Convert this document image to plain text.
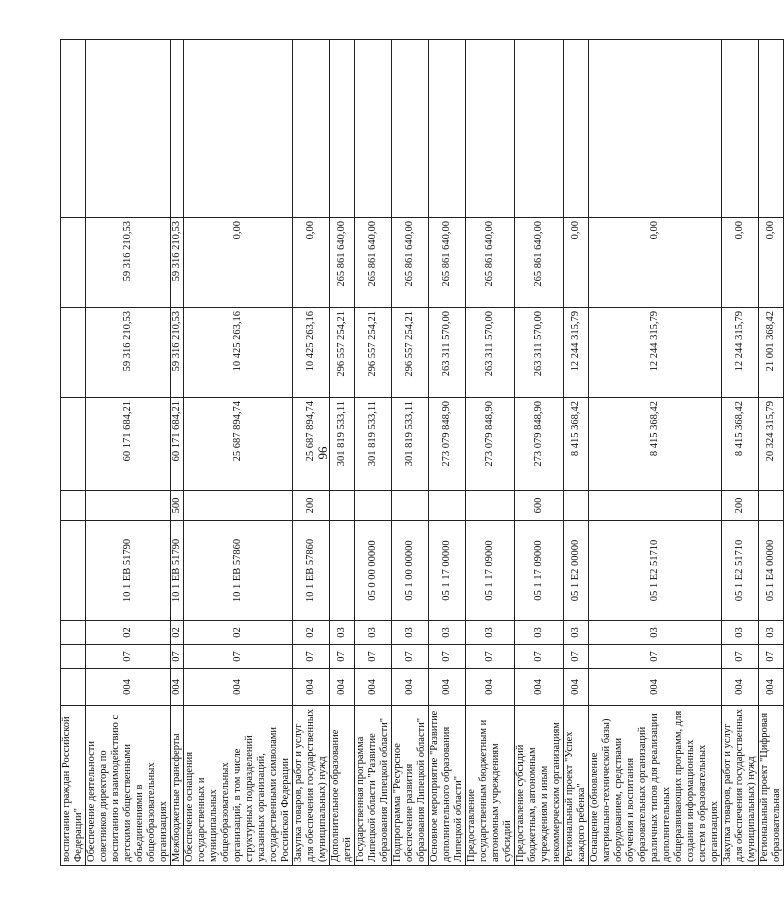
96
воспитание граждан Российской Федерации"									
Обеспечение деятельности советников директора по воспитанию и взаимодействию с детскими общественными объединениями в общеобразовательных организациях	004	07	02	10 1 ЕВ 51790		60 171 684,21	59 316 210,53	59 316 210,53	
Межбюджетные трансферты	004	07	02	10 1 ЕВ 51790	500	60 171 684,21	59 316 210,53	59 316 210,53	
Обеспечение оснащения государственных и муниципальных общеобразовательных организаций, в том числе структурных подразделений указанных организаций, государственными символами Российской Федерации	004	07	02	10 1 ЕВ 57860		25 687 894,74	10 425 263,16	0,00	
Закупка товаров, работ и услуг для обеспечения государственных (муниципальных) нужд	004	07	02	10 1 ЕВ 57860	200	25 687 894,74	10 425 263,16	0,00	
Дополнительное образование детей	004	07	03			301 819 533,11	296 557 254,21	265 861 640,00	
Государственная программа Липецкой области "Развитие образования Липецкой области"	004	07	03	05 0 00 00000		301 819 533,11	296 557 254,21	265 861 640,00	
Подпрограмма "Ресурсное обеспечение развития образования Липецкой области"	004	07	03	05 1 00 00000		301 819 533,11	296 557 254,21	265 861 640,00	
Основное мероприятие "Развитие дополнительного образования Липецкой области"	004	07	03	05 1 17 00000		273 079 848,90	263 311 570,00	265 861 640,00	
Предоставление государственным бюджетным и автономным учреждениям субсидий	004	07	03	05 1 17 09000		273 079 848,90	263 311 570,00	265 861 640,00	
Предоставление субсидий бюджетным, автономным учреждениям и иным некоммерческим организациям	004	07	03	05 1 17 09000	600	273 079 848,90	263 311 570,00	265 861 640,00	
Региональный проект "Успех каждого ребенка"	004	07	03	05 1 Е2 00000		8 415 368,42	12 244 315,79	0,00	
Оснащение (обновление материально-технической базы) оборудованием, средствами обучения и воспитания образовательных организаций различных типов для реализации дополнительных общеразвивающих программ, для создания информационных систем в образовательных организациях	004	07	03	05 1 Е2 51710		8 415 368,42	12 244 315,79	0,00	
Закупка товаров, работ и услуг для обеспечения государственных (муниципальных) нужд	004	07	03	05 1 Е2 51710	200	8 415 368,42	12 244 315,79	0,00	
Региональный проект "Цифровая образовательная	004	07	03	05 1 Е4 00000		20 324 315,79	21 001 368,42	0,00	
